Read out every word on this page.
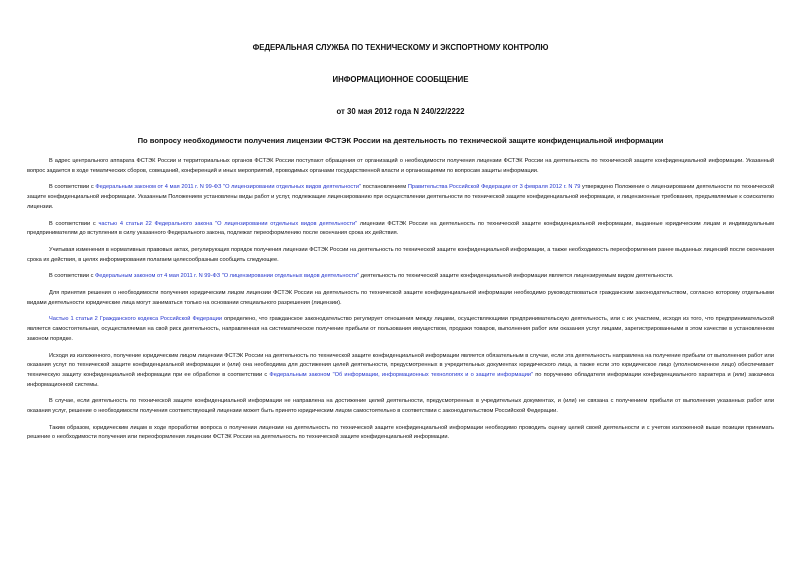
ФЕДЕРАЛЬНАЯ СЛУЖБА ПО ТЕХНИЧЕСКОМУ И ЭКСПОРТНОМУ КОНТРОЛЮ

ИНФОРМАЦИОННОЕ СООБЩЕНИЕ

от 30 мая 2012 года N 240/22/2222

По вопросу необходимости получения лицензии ФСТЭК России на деятельность по технической защите конфиденциальной информации

В адрес центрального аппарата ФСТЭК России и территориальных органов ФСТЭК России поступают обращения от организаций о необходимости получения лицензии ФСТЭК России на деятельность по технической защите конфиденциальной информации. Указанный вопрос задается в ходе тематических сборов, совещаний, конференций и иных мероприятий, проводимых органами государственной власти и организациями по вопросам защиты информации.

В соответствии с Федеральным законом от 4 мая 2011 г. N 99-ФЗ "О лицензировании отдельных видов деятельности" постановлением Правительства Российской Федерации от 3 февраля 2012 г. N 79 утверждено Положение о лицензировании деятельности по технической защите конфиденциальной информации. Указанным Положением установлены виды работ и услуг, подлежащие лицензированию при осуществлении деятельности по технической защите конфиденциальной информации, и лицензионные требования, предъявляемые к соискателю лицензии.

В соответствии с частью 4 статьи 22 Федерального закона "О лицензировании отдельных видов деятельности" лицензии ФСТЭК России на деятельность по технической защите конфиденциальной информации, выданные юридическим лицам и индивидуальным предпринимателям до вступления в силу указанного Федерального закона, подлежат переоформлению после окончания срока их действия.

Учитывая изменения в нормативных правовых актах, регулирующих порядок получения лицензии ФСТЭК России на деятельность по технической защите конфиденциальной информации, а также необходимость переоформления ранее выданных лицензий после окончания срока их действия, в целях информирования полагаем целесообразным сообщить следующее.

В соответствии с Федеральным законом от 4 мая 2011 г. N 99-ФЗ "О лицензировании отдельных видов деятельности" деятельность по технической защите конфиденциальной информации является лицензируемым видом деятельности.

Для принятия решения о необходимости получения юридическим лицом лицензии ФСТЭК России на деятельность по технической защите конфиденциальной информации необходимо руководствоваться гражданским законодательством, согласно которому отдельными видами деятельности юридические лица могут заниматься только на основании специального разрешения (лицензии).

Частью 1 статьи 2 Гражданского кодекса Российской Федерации определено, что гражданское законодательство регулирует отношения между лицами, осуществляющими предпринимательскую деятельность, или с их участием, исходя из того, что предпринимательской является самостоятельная, осуществляемая на свой риск деятельность, направленная на систематическое получение прибыли от пользования имуществом, продажи товаров, выполнения работ или оказания услуг лицами, зарегистрированными в этом качестве в установленном законом порядке.

Исходя из изложенного, получение юридическим лицом лицензии ФСТЭК России на деятельность по технической защите конфиденциальной информации является обязательным в случае, если эта деятельность направлена на получение прибыли от выполнения работ или оказания услуг по технической защите конфиденциальной информации и (или) она необходима для достижения целей деятельности, предусмотренных в учредительных документах юридического лица, а также если это юридическое лицо (уполномоченное лицо) обеспечивает техническую защиту конфиденциальной информации при ее обработке в соответствии с Федеральным законом "Об информации, информационных технологиях и о защите информации" по поручению обладателя информации конфиденциального характера и (или) заказчика информационной системы.

В случае, если деятельность по технической защите конфиденциальной информации не направлена на достижение целей деятельности, предусмотренных в учредительных документах, и (или) не связана с получением прибыли от выполнения указанных работ или оказания услуг, решение о необходимости получения соответствующей лицензии может быть принято юридическим лицом самостоятельно в соответствии с законодательством Российской Федерации.

Таким образом, юридическим лицам в ходе проработки вопроса о получении лицензии на деятельность по технической защите конфиденциальной информации необходимо проводить оценку целей своей деятельности и с учетом изложенной выше позиции принимать решение о необходимости получения или переоформления лицензии ФСТЭК России на деятельность по технической защите конфиденциальной информации.
